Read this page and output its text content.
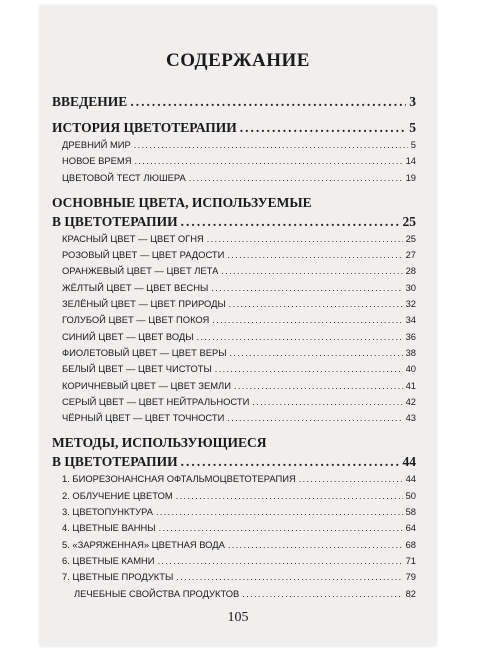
СОДЕРЖАНИЕ
ВВЕДЕНИЕ .....	3
ИСТОРИЯ ЦВЕТОТЕРАПИИ .....	5
ДРЕВНИЙ МИР .....	5
НОВОЕ ВРЕМЯ .....	14
ЦВЕТОВОЙ ТЕСТ ЛЮШЕРА .....	19
ОСНОВНЫЕ ЦВЕТА, ИСПОЛЬЗУЕМЫЕ
В ЦВЕТОТЕРАПИИ .....	25
КРАСНЫЙ ЦВЕТ — ЦВЕТ ОГНЯ .....	25
РОЗОВЫЙ ЦВЕТ — ЦВЕТ РАДОСТИ .....	27
ОРАНЖЕВЫЙ ЦВЕТ — ЦВЕТ ЛЕТА .....	28
ЖЁЛТЫЙ ЦВЕТ — ЦВЕТ ВЕСНЫ .....	30
ЗЕЛЁНЫЙ ЦВЕТ — ЦВЕТ ПРИРОДЫ .....	32
ГОЛУБОЙ ЦВЕТ — ЦВЕТ ПОКОЯ .....	34
СИНИЙ ЦВЕТ — ЦВЕТ ВОДЫ .....	36
ФИОЛЕТОВЫЙ ЦВЕТ — ЦВЕТ ВЕРЫ .....	38
БЕЛЫЙ ЦВЕТ — ЦВЕТ ЧИСТОТЫ .....	40
КОРИЧНЕВЫЙ ЦВЕТ — ЦВЕТ ЗЕМЛИ .....	41
СЕРЫЙ ЦВЕТ — ЦВЕТ НЕЙТРАЛЬНОСТИ .....	42
ЧЁРНЫЙ ЦВЕТ — ЦВЕТ ТОЧНОСТИ .....	43
МЕТОДЫ, ИСПОЛЬЗУЮЩИЕСЯ
В ЦВЕТОТЕРАПИИ .....	44
1. БИОРЕЗОНАНСНАЯ ОФТАЛЬМОЦВЕТОТЕРАПИЯ .....	44
2. ОБЛУЧЕНИЕ ЦВЕТОМ .....	50
3. ЦВЕТОПУНКТУРА .....	58
4. ЦВЕТНЫЕ ВАННЫ .....	64
5. «ЗАРЯЖЕННАЯ» ЦВЕТНАЯ ВОДА .....	68
6. ЦВЕТНЫЕ КАМНИ .....	71
7. ЦВЕТНЫЕ ПРОДУКТЫ .....	79
ЛЕЧЕБНЫЕ СВОЙСТВА ПРОДУКТОВ .....	82
105
